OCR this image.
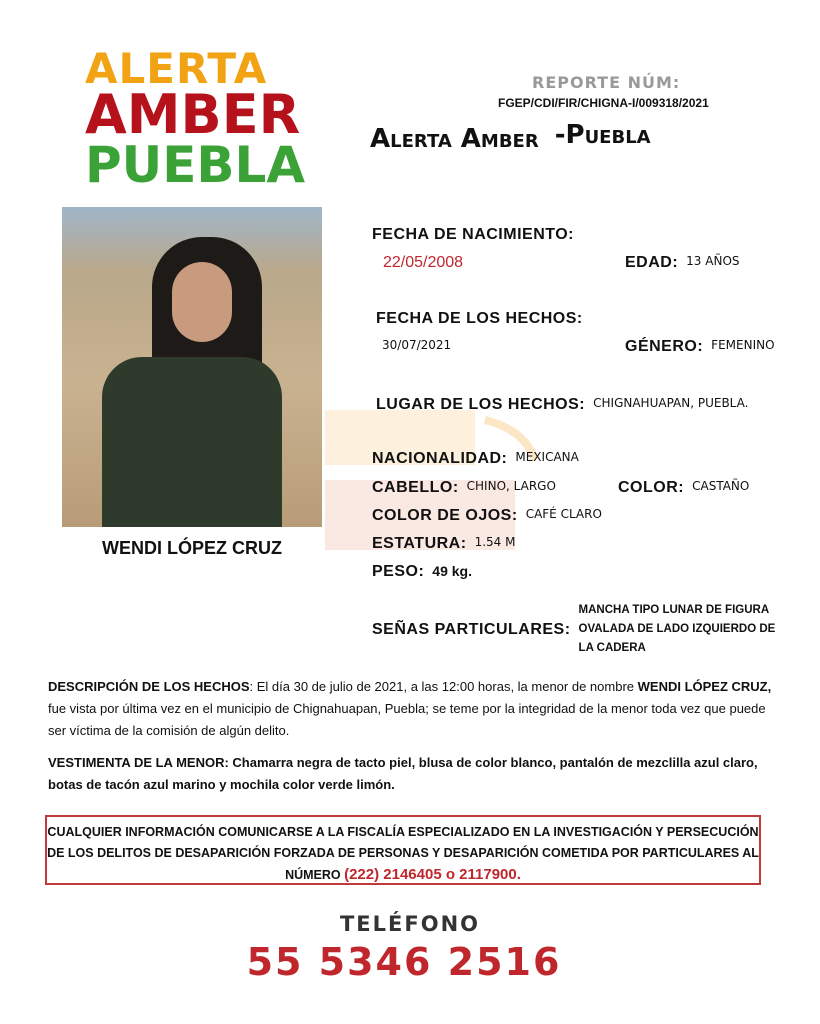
ALERTA
AMBER
PUEBLA
REPORTE NÚM:
FGEP/CDI/FIR/CHIGNA-I/009318/2021
Alerta Amber -Puebla
WENDI LÓPEZ CRUZ
FECHA DE NACIMIENTO:
22/05/2008	EDAD: 13 AÑOS
FECHA DE LOS HECHOS:
30/07/2021	GÉNERO: FEMENINO
LUGAR DE LOS HECHOS: CHIGNAHUAPAN, PUEBLA.
NACIONALIDAD: MEXICANA
CABELLO: CHINO, LARGO	COLOR: CASTAÑO
COLOR DE OJOS: CAFÉ CLARO
ESTATURA: 1.54 M
PESO: 49 kg.
SEÑAS PARTICULARES:
MANCHA TIPO LUNAR DE FIGURA OVALADA DE LADO IZQUIERDO DE LA CADERA
DESCRIPCIÓN DE LOS HECHOS: El día 30 de julio de 2021, a las 12:00 horas, la menor de nombre WENDI LÓPEZ CRUZ, fue vista por última vez en el municipio de Chignahuapan, Puebla; se teme por la integridad de la menor toda vez que puede ser víctima de la comisión de algún delito.
VESTIMENTA DE LA MENOR: Chamarra negra de tacto piel, blusa de color blanco, pantalón de mezclilla azul claro, botas de tacón azul marino y mochila color verde limón.
CUALQUIER INFORMACIÓN COMUNICARSE A LA FISCALÍA ESPECIALIZADO EN LA INVESTIGACIÓN Y PERSECUCIÓN DE LOS DELITOS DE DESAPARICIÓN FORZADA DE PERSONAS Y DESAPARICIÓN COMETIDA POR PARTICULARES AL NÚMERO (222) 2146405 o 2117900.
TELÉFONO
55 5346 2516
